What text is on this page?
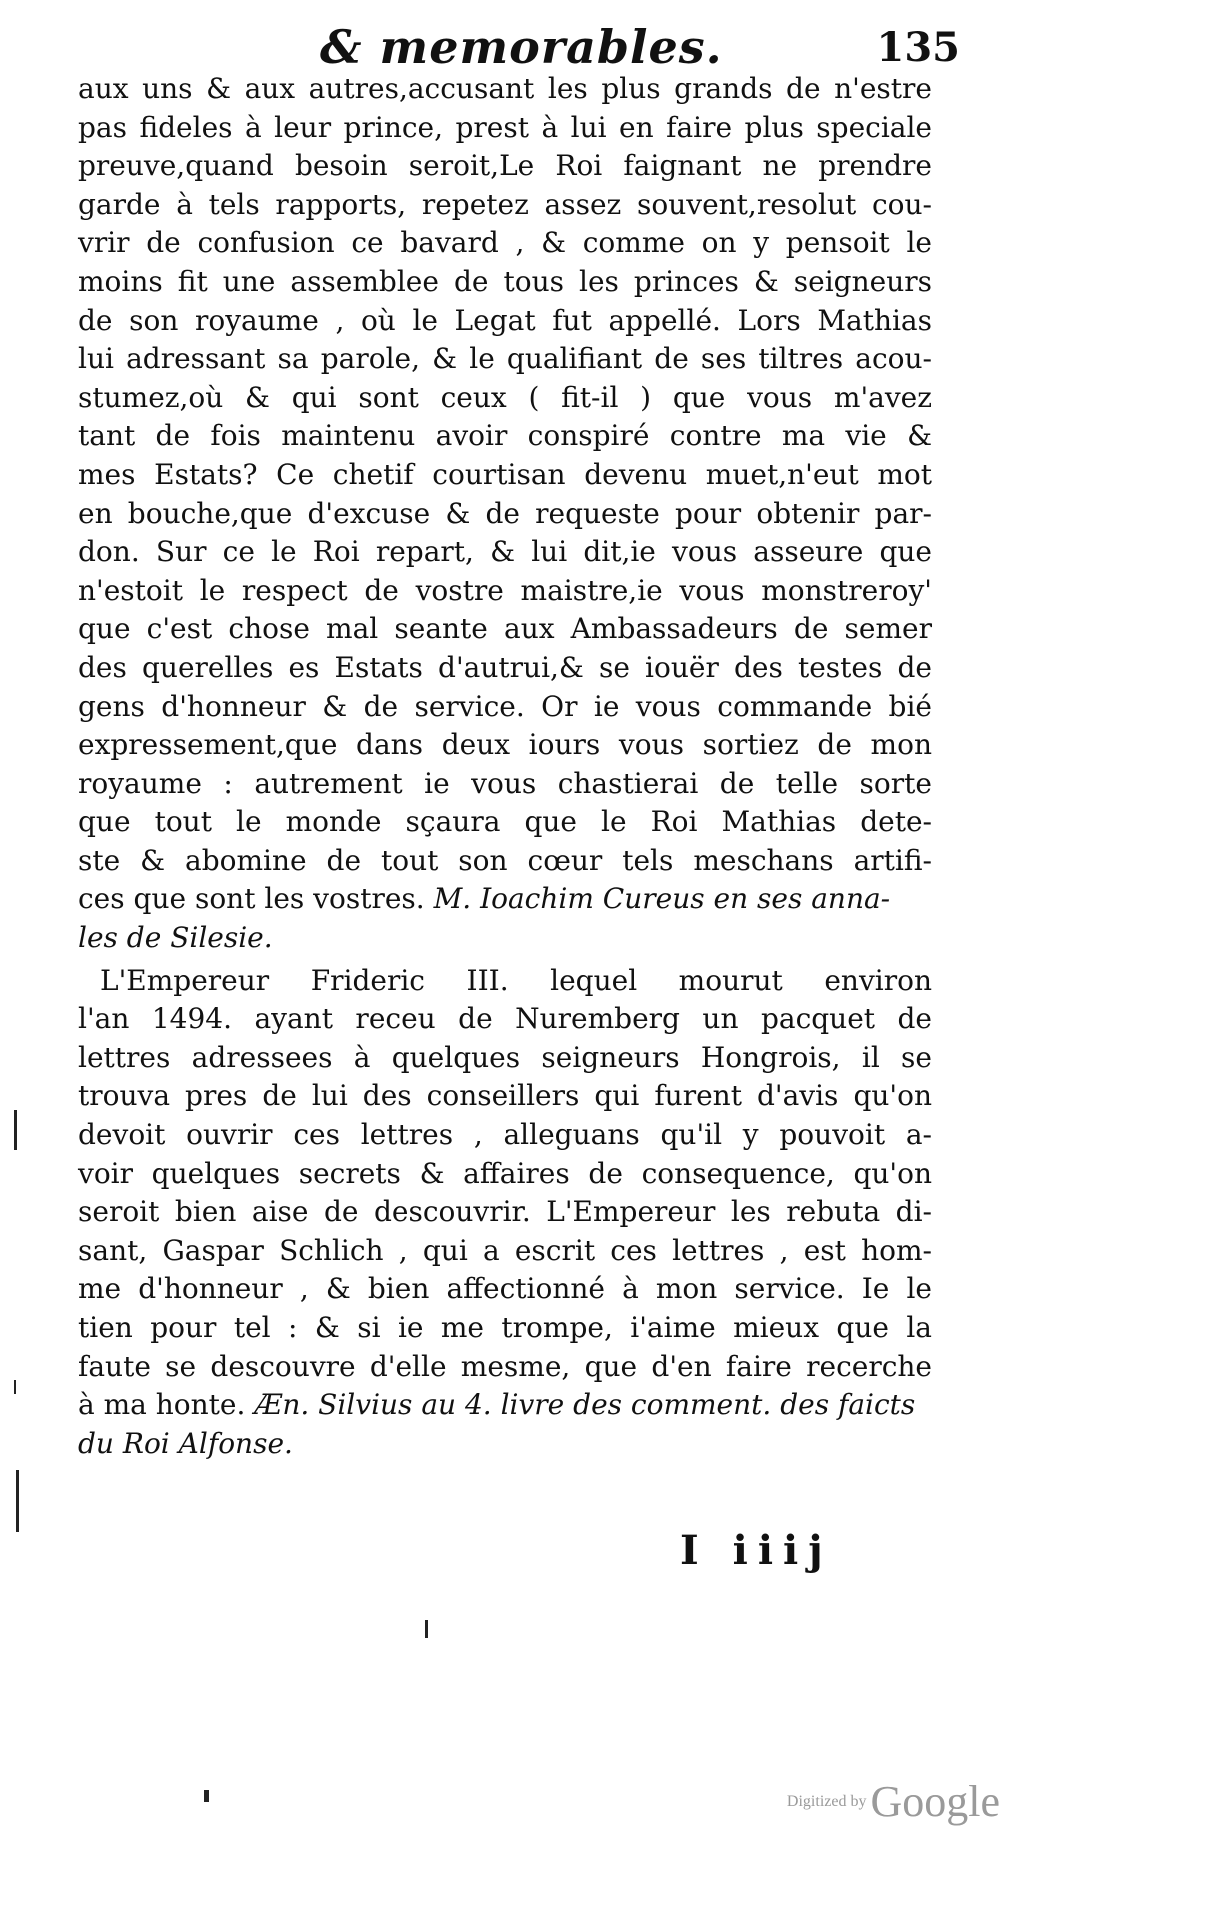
& memorables.	135
aux uns & aux autres,accusant les plus grands de n'estre
pas fideles à leur prince, prest à lui en faire plus speciale
preuve,quand besoin seroit,Le Roi faignant ne prendre
garde à tels rapports, repetez assez souvent,resolut cou-
vrir de confusion ce bavard , & comme on y pensoit le
moins fit une assemblee de tous les princes & seigneurs
de son royaume , où le Legat fut appellé. Lors Mathias
lui adressant sa parole, & le qualifiant de ses tiltres acou-
stumez,où & qui sont ceux ( fit-il ) que vous m'avez
tant de fois maintenu avoir conspiré contre ma vie &
mes Estats? Ce chetif courtisan devenu muet,n'eut mot
en bouche,que d'excuse & de requeste pour obtenir par-
don. Sur ce le Roi repart, & lui dit,ie vous asseure que
n'estoit le respect de vostre maistre,ie vous monstreroy'
que c'est chose mal seante aux Ambassadeurs de semer
des querelles es Estats d'autrui,& se iouër des testes de
gens d'honneur & de service. Or ie vous commande bié
expressement,que dans deux iours vous sortiez de mon
royaume : autrement ie vous chastierai de telle sorte
que tout le monde sçaura que le Roi Mathias dete-
ste & abomine de tout son cœur tels meschans artifi-
ces que sont les vostres. M. Ioachim Cureus en ses anna-
les de Silesie.
L'Empereur Frideric III. lequel mourut environ
l'an 1494. ayant receu de Nuremberg un pacquet de
lettres adressees à quelques seigneurs Hongrois, il se
trouva pres de lui des conseillers qui furent d'avis qu'on
devoit ouvrir ces lettres , alleguans qu'il y pouvoit a-
voir quelques secrets & affaires de consequence, qu'on
seroit bien aise de descouvrir. L'Empereur les rebuta di-
sant, Gaspar Schlich , qui a escrit ces lettres , est hom-
me d'honneur , & bien affectionné à mon service. Ie le
tien pour tel : & si ie me trompe, i'aime mieux que la
faute se descouvre d'elle mesme, que d'en faire recerche
à ma honte. Æn. Silvius au 4. livre des comment. des faicts
du Roi Alfonse.
I iiij
Digitized byGoogle
